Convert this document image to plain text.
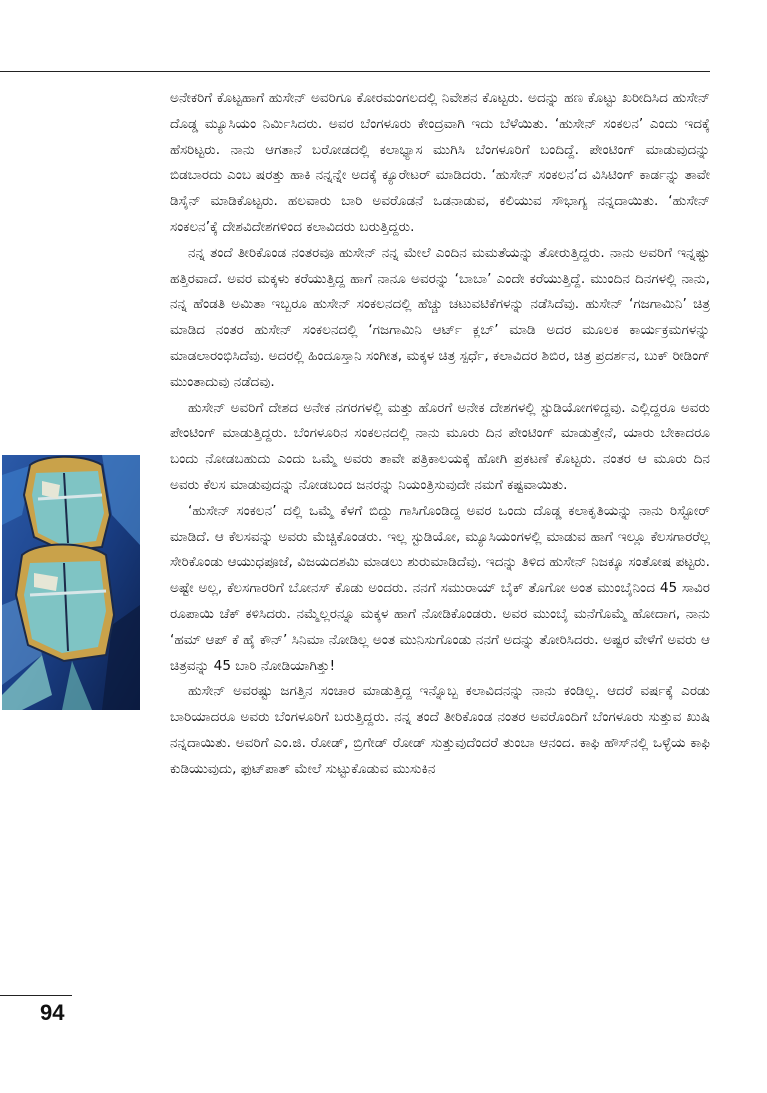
ಅನೇಕರಿಗೆ ಕೊಟ್ಟಹಾಗೆ ಹುಸೇನ್ ಅವರಿಗೂ ಕೋರಮಂಗಲದಲ್ಲಿ ನಿವೇಶನ ಕೊಟ್ಟರು. ಅದನ್ನು ಹಣ ಕೊಟ್ಟು ಖರೀದಿಸಿದ ಹುಸೇನ್ ದೊಡ್ಡ ಮ್ಯೂಸಿಯಂ ನಿರ್ಮಿಸಿದರು. ಅವರ ಬೆಂಗಳೂರು ಕೇಂದ್ರವಾಗಿ ಇದು ಬೆಳೆಯಿತು. ‘ಹುಸೇನ್ ಸಂಕಲನ’ ಎಂದು ಇದಕ್ಕೆ ಹೆಸರಿಟ್ಟರು. ನಾನು ಆಗತಾನೆ ಬರೋಡದಲ್ಲಿ ಕಲಾಭ್ಯಾಸ ಮುಗಿಸಿ ಬೆಂಗಳೂರಿಗೆ ಬಂದಿದ್ದೆ. ಪೇಂಟಿಂಗ್ ಮಾಡುವುದನ್ನು ಬಿಡಬಾರದು ಎಂಬ ಷರತ್ತು ಹಾಕಿ ನನ್ನನ್ನೇ ಅದಕ್ಕೆ ಕ್ಯೂರೇಟರ್ ಮಾಡಿದರು. ‘ಹುಸೇನ್ ಸಂಕಲನ’ದ ವಿಸಿಟಿಂಗ್ ಕಾರ್ಡನ್ನು ತಾವೇ ಡಿಸೈನ್ ಮಾಡಿಕೊಟ್ಟರು. ಹಲವಾರು ಬಾರಿ ಅವರೊಡನೆ ಒಡನಾಡುವ, ಕಲಿಯುವ ಸೌಭಾಗ್ಯ ನನ್ನದಾಯಿತು. ‘ಹುಸೇನ್ ಸಂಕಲನ’ಕ್ಕೆ ದೇಶವಿದೇಶಗಳಿಂದ ಕಲಾವಿದರು ಬರುತ್ತಿದ್ದರು.

ನನ್ನ ತಂದೆ ತೀರಿಕೊಂಡ ನಂತರವೂ ಹುಸೇನ್ ನನ್ನ ಮೇಲೆ ಎಂದಿನ ಮಮತೆಯನ್ನು ತೋರುತ್ತಿದ್ದರು. ನಾನು ಅವರಿಗೆ ಇನ್ನಷ್ಟು ಹತ್ತಿರವಾದೆ. ಅವರ ಮಕ್ಕಳು ಕರೆಯುತ್ತಿದ್ದ ಹಾಗೆ ನಾನೂ ಅವರನ್ನು ‘ಬಾಬಾ’ ಎಂದೇ ಕರೆಯುತ್ತಿದ್ದೆ. ಮುಂದಿನ ದಿನಗಳಲ್ಲಿ ನಾನು, ನನ್ನ ಹೆಂಡತಿ ಅಮಿತಾ ಇಬ್ಬರೂ ಹುಸೇನ್ ಸಂಕಲನದಲ್ಲಿ ಹೆಚ್ಚು ಚಟುವಟಿಕೆಗಳನ್ನು ನಡೆಸಿದೆವು. ಹುಸೇನ್ ‘ಗಜಗಾಮಿನಿ’ ಚಿತ್ರ ಮಾಡಿದ ನಂತರ ಹುಸೇನ್ ಸಂಕಲನದಲ್ಲಿ ‘ಗಜಗಾಮಿನಿ ಆರ್ಟ್ ಕ್ಲಬ್’ ಮಾಡಿ ಅದರ ಮೂಲಕ ಕಾರ್ಯಕ್ರಮಗಳನ್ನು ಮಾಡಲಾರಂಭಿಸಿದೆವು. ಅದರಲ್ಲಿ ಹಿಂದೂಸ್ತಾನಿ ಸಂಗೀತ, ಮಕ್ಕಳ ಚಿತ್ರ ಸ್ಪರ್ಧೆ, ಕಲಾವಿದರ ಶಿಬಿರ, ಚಿತ್ರ ಪ್ರದರ್ಶನ, ಬುಕ್ ರೀಡಿಂಗ್ ಮುಂತಾದುವು ನಡೆದವು.

ಹುಸೇನ್ ಅವರಿಗೆ ದೇಶದ ಅನೇಕ ನಗರಗಳಲ್ಲಿ ಮತ್ತು ಹೊರಗೆ ಅನೇಕ ದೇಶಗಳಲ್ಲಿ ಸ್ಟುಡಿಯೋಗಳಿದ್ದವು. ಎಲ್ಲಿದ್ದರೂ ಅವರು ಪೇಂಟಿಂಗ್ ಮಾಡುತ್ತಿದ್ದರು. ಬೆಂಗಳೂರಿನ ಸಂಕಲನದಲ್ಲಿ ನಾನು ಮೂರು ದಿನ ಪೇಂಟಿಂಗ್ ಮಾಡುತ್ತೇನೆ, ಯಾರು ಬೇಕಾದರೂ ಬಂದು ನೋಡಬಹುದು ಎಂದು ಒಮ್ಮೆ ಅವರು ತಾವೇ ಪತ್ರಿಕಾಲಯಕ್ಕೆ ಹೋಗಿ ಪ್ರಕಟಣೆ ಕೊಟ್ಟರು. ನಂತರ ಆ ಮೂರು ದಿನ ಅವರು ಕೆಲಸ ಮಾಡುವುದನ್ನು ನೋಡಬಂದ ಜನರನ್ನು ನಿಯಂತ್ರಿಸುವುದೇ ನಮಗೆ ಕಷ್ಟವಾಯಿತು.

‘ಹುಸೇನ್ ಸಂಕಲನ’ ದಲ್ಲಿ ಒಮ್ಮೆ ಕೆಳಗೆ ಬಿದ್ದು ಗಾಸಿಗೊಂಡಿದ್ದ ಅವರ ಒಂದು ದೊಡ್ಡ ಕಲಾಕೃತಿಯನ್ನು ನಾನು ರಿಸ್ಟೋರ್ ಮಾಡಿದೆ. ಆ ಕೆಲಸವನ್ನು ಅವರು ಮೆಚ್ಚಿಕೊಂಡರು. ಇಲ್ಲ ಸ್ಟುಡಿಯೋ, ಮ್ಯೂಸಿಯಂಗಳಲ್ಲಿ ಮಾಡುವ ಹಾಗೆ ಇಲ್ಲೂ ಕೆಲಸಗಾರರೆಲ್ಲ ಸೇರಿಕೊಂಡು ಆಯುಧಪೂಜೆ, ವಿಜಯದಶಮಿ ಮಾಡಲು ಶುರುಮಾಡಿದೆವು. ಇದನ್ನು ತಿಳಿದ ಹುಸೇನ್ ನಿಜಕ್ಕೂ ಸಂತೋಷ ಪಟ್ಟರು. ಅಷ್ಟೇ ಅಲ್ಲ, ಕೆಲಸಗಾರರಿಗೆ ಬೋನಸ್ ಕೊಡು ಅಂದರು. ನನಗೆ ಸಮುರಾಯ್ ಬೈಕ್ ತೊಗೋ ಅಂತ ಮುಂಬೈನಿಂದ 45 ಸಾವಿರ ರೂಪಾಯಿ ಚೆಕ್ ಕಳಿಸಿದರು. ನಮ್ಮೆಲ್ಲರನ್ನೂ ಮಕ್ಕಳ ಹಾಗೆ ನೋಡಿಕೊಂಡರು. ಅವರ ಮುಂಬೈ ಮನೆಗೊಮ್ಮೆ ಹೋದಾಗ, ನಾನು ‘ಹಮ್ ಆಪ್ ಕೆ ಹೈ ಕೌನ್’ ಸಿನಿಮಾ ನೋಡಿಲ್ಲ ಅಂತ ಮುನಿಸುಗೊಂಡು ನನಗೆ ಅದನ್ನು ತೋರಿಸಿದರು. ಅಷ್ಟರ ವೇಳೆಗೆ ಅವರು ಆ ಚಿತ್ರವನ್ನು 45 ಬಾರಿ ನೋಡಿಯಾಗಿತ್ತು!

ಹುಸೇನ್ ಅವರಷ್ಟು ಜಗತ್ತಿನ ಸಂಚಾರ ಮಾಡುತ್ತಿದ್ದ ಇನ್ನೊಬ್ಬ ಕಲಾವಿದನನ್ನು ನಾನು ಕಂಡಿಲ್ಲ. ಆದರೆ ವರ್ಷಕ್ಕೆ ಎರಡು ಬಾರಿಯಾದರೂ ಅವರು ಬೆಂಗಳೂರಿಗೆ ಬರುತ್ತಿದ್ದರು. ನನ್ನ ತಂದೆ ತೀರಿಕೊಂಡ ನಂತರ ಅವರೊಂದಿಗೆ ಬೆಂಗಳೂರು ಸುತ್ತುವ ಖುಷಿ ನನ್ನದಾಯಿತು. ಅವರಿಗೆ ಎಂ.ಜಿ. ರೋಡ್, ಬ್ರಿಗೇಡ್ ರೋಡ್ ಸುತ್ತುವುದೆಂದರೆ ತುಂಬಾ ಆನಂದ. ಕಾಫಿ ಹೌಸ್‌ನಲ್ಲಿ ಒಳ್ಳೆಯ ಕಾಫಿ ಕುಡಿಯುವುದು, ಫುಟ್‌ಪಾತ್ ಮೇಲೆ ಸುಟ್ಟುಕೊಡುವ ಮುಸುಕಿನ

94
